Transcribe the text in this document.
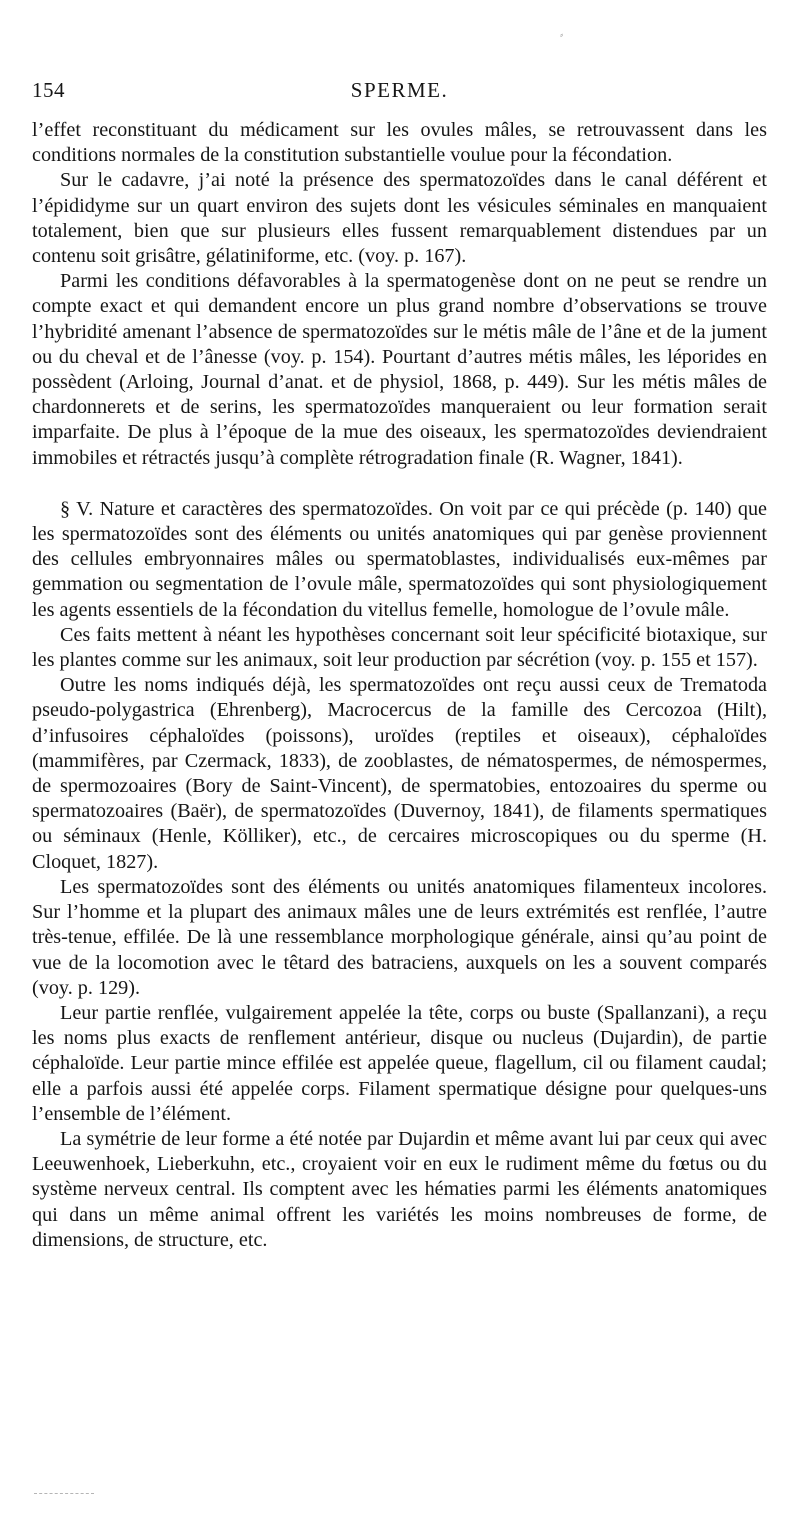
⸗
154	SPERME.

l’effet reconstituant du médicament sur les ovules mâles, se retrouvassent dans les conditions normales de la constitution substantielle voulue pour la fécondation.

Sur le cadavre, j’ai noté la présence des spermatozoïdes dans le canal déférent et l’épididyme sur un quart environ des sujets dont les vésicules séminales en manquaient totalement, bien que sur plusieurs elles fussent remarquablement distendues par un contenu soit grisâtre, gélatiniforme, etc. (voy. p. 167).

Parmi les conditions défavorables à la spermatogenèse dont on ne peut se rendre un compte exact et qui demandent encore un plus grand nombre d’observations se trouve l’hybridité amenant l’absence de spermatozoïdes sur le métis mâle de l’âne et de la jument ou du cheval et de l’ânesse (voy. p. 154). Pourtant d’autres métis mâles, les léporides en possèdent (Arloing, Journal d’anat. et de physiol, 1868, p. 449). Sur les métis mâles de chardonnerets et de serins, les spermatozoïdes manqueraient ou leur formation serait imparfaite. De plus à l’époque de la mue des oiseaux, les spermatozoïdes deviendraient immobiles et rétractés jusqu’à complète rétrogradation finale (R. Wagner, 1841).

§ V. Nature et caractères des spermatozoïdes. On voit par ce qui précède (p. 140) que les spermatozoïdes sont des éléments ou unités anatomiques qui par genèse proviennent des cellules embryonnaires mâles ou spermatoblastes, individualisés eux-mêmes par gemmation ou segmentation de l’ovule mâle, spermatozoïdes qui sont physiologiquement les agents essentiels de la fécondation du vitellus femelle, homologue de l’ovule mâle.

Ces faits mettent à néant les hypothèses concernant soit leur spécificité biotaxique, sur les plantes comme sur les animaux, soit leur production par sécrétion (voy. p. 155 et 157).

Outre les noms indiqués déjà, les spermatozoïdes ont reçu aussi ceux de Trematoda pseudo-polygastrica (Ehrenberg), Macrocercus de la famille des Cercozoa (Hilt), d’infusoires céphaloïdes (poissons), uroïdes (reptiles et oiseaux), céphaloïdes (mammifères, par Czermack, 1833), de zooblastes, de nématospermes, de némospermes, de spermozoaires (Bory de Saint-Vincent), de spermatobies, entozoaires du sperme ou spermatozoaires (Baër), de spermatozoïdes (Duvernoy, 1841), de filaments spermatiques ou séminaux (Henle, Kölliker), etc., de cercaires microscopiques ou du sperme (H. Cloquet, 1827).

Les spermatozoïdes sont des éléments ou unités anatomiques filamenteux incolores. Sur l’homme et la plupart des animaux mâles une de leurs extrémités est renflée, l’autre très-tenue, effilée. De là une ressemblance morphologique générale, ainsi qu’au point de vue de la locomotion avec le têtard des batraciens, auxquels on les a souvent comparés (voy. p. 129).

Leur partie renflée, vulgairement appelée la tête, corps ou buste (Spallanzani), a reçu les noms plus exacts de renflement antérieur, disque ou nucleus (Dujardin), de partie céphaloïde. Leur partie mince effilée est appelée queue, flagellum, cil ou filament caudal; elle a parfois aussi été appelée corps. Filament spermatique désigne pour quelques-uns l’ensemble de l’élément.

La symétrie de leur forme a été notée par Dujardin et même avant lui par ceux qui avec Leeuwenhoek, Lieberkuhn, etc., croyaient voir en eux le rudiment même du fœtus ou du système nerveux central. Ils comptent avec les hématies parmi les éléments anatomiques qui dans un même animal offrent les variétés les moins nombreuses de forme, de dimensions, de structure, etc.
